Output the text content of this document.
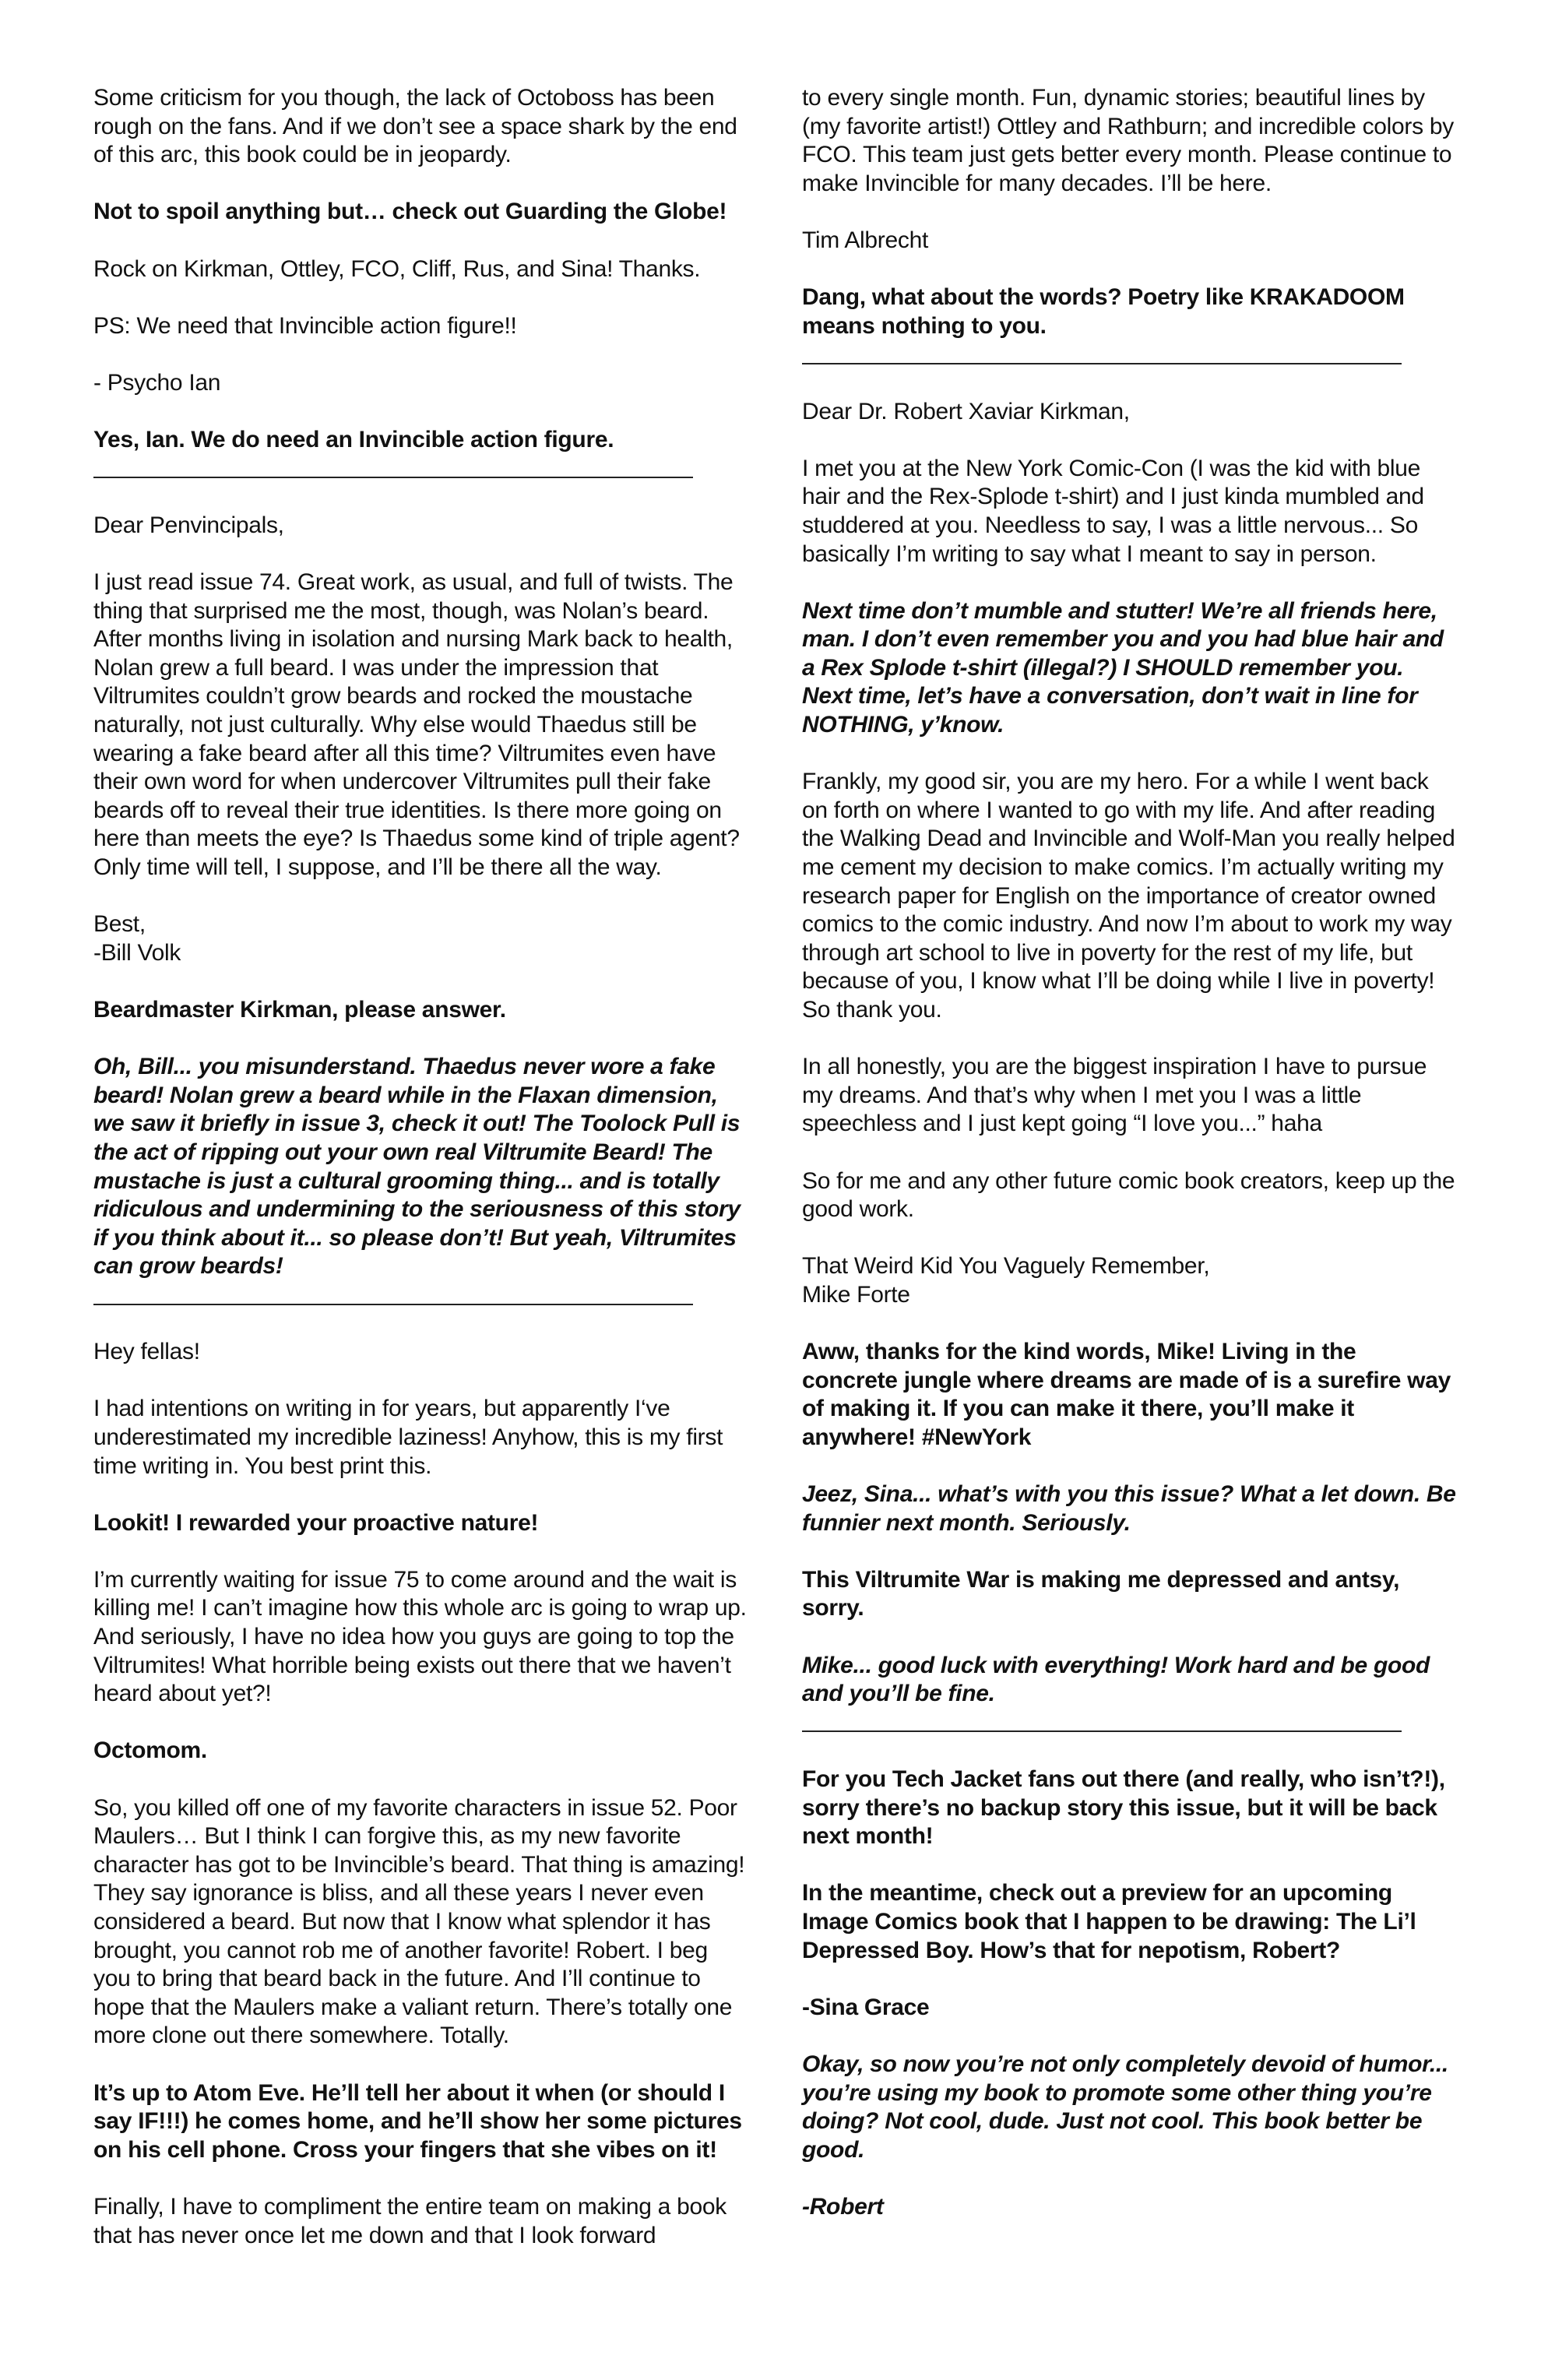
Some criticism for you though, the lack of Octoboss has been rough on the fans. And if we don’t see a space shark by the end of this arc, this book could be in jeopardy.
Not to spoil anything but… check out Guarding the Globe!
Rock on Kirkman, Ottley, FCO, Cliff, Rus, and Sina! Thanks.
PS: We need that Invincible action figure!!
- Psycho Ian
Yes, Ian. We do need an Invincible action figure.
Dear Penvincipals,
I just read issue 74. Great work, as usual, and full of twists. The thing that surprised me the most, though, was Nolan’s beard. After months living in isolation and nursing Mark back to health, Nolan grew a full beard. I was under the impression that Viltrumites couldn’t grow beards and rocked the moustache naturally, not just culturally. Why else would Thaedus still be wearing a fake beard after all this time? Viltrumites even have their own word for when undercover Viltrumites pull their fake beards off to reveal their true identities. Is there more going on here than meets the eye? Is Thaedus some kind of triple agent? Only time will tell, I suppose, and I’ll be there all the way.
Best,
-Bill Volk
Beardmaster Kirkman, please answer.
Oh, Bill... you misunderstand. Thaedus never wore a fake beard! Nolan grew a beard while in the Flaxan dimension, we saw it briefly in issue 3, check it out! The Toolock Pull is the act of ripping out your own real Viltrumite Beard! The mustache is just a cultural grooming thing... and is totally ridiculous and undermining to the seriousness of this story if you think about it... so please don’t! But yeah, Viltrumites can grow beards!
Hey fellas!
I had intentions on writing in for years, but apparently I‘ve underestimated my incredible laziness! Anyhow, this is my first time writing in. You best print this.
Lookit! I rewarded your proactive nature!
I’m currently waiting for issue 75 to come around and the wait is killing me! I can’t imagine how this whole arc is going to wrap up. And seriously, I have no idea how you guys are going to top the Viltrumites! What horrible being exists out there that we haven’t heard about yet?!
Octomom.
So, you killed off one of my favorite characters in issue 52. Poor Maulers… But I think I can forgive this, as my new favorite character has got to be Invincible’s beard. That thing is amazing! They say ignorance is bliss, and all these years I never even considered a beard. But now that I know what splendor it has brought, you cannot rob me of another favorite! Robert. I beg you to bring that beard back in the future. And I’ll continue to hope that the Maulers make a valiant return. There’s totally one more clone out there somewhere. Totally.
It’s up to Atom Eve. He’ll tell her about it when (or should I say IF!!!) he comes home, and he’ll show her some pictures on his cell phone. Cross your fingers that she vibes on it!
Finally, I have to compliment the entire team on making a book that has never once let me down and that I look forward
to every single month. Fun, dynamic stories; beautiful lines by (my favorite artist!) Ottley and Rathburn; and incredible colors by FCO. This team just gets better every month. Please continue to make Invincible for many decades. I’ll be here.
Tim Albrecht
Dang, what about the words? Poetry like KRAKADOOM means nothing to you.
Dear Dr. Robert Xaviar Kirkman,
I met you at the New York Comic-Con (I was the kid with blue hair and the Rex-Splode t-shirt) and I just kinda mumbled and studdered at you. Needless to say, I was a little nervous... So basically I’m writing to say what I meant to say in person.
Next time don’t mumble and stutter! We’re all friends here, man. I don’t even remember you and you had blue hair and a Rex Splode t-shirt (illegal?) I SHOULD remember you. Next time, let’s have a conversation, don’t wait in line for NOTHING, y’know.
Frankly, my good sir, you are my hero. For a while I went back on forth on where I wanted to go with my life. And after reading the Walking Dead and Invincible and Wolf-Man you really helped me cement my decision to make comics. I’m actually writing my research paper for English on the importance of creator owned comics to the comic industry. And now I’m about to work my way through art school to live in poverty for the rest of my life, but because of you, I know what I’ll be doing while I live in poverty! So thank you.
In all honestly, you are the biggest inspiration I have to pursue my dreams. And that’s why when I met you I was a little speechless and I just kept going “I love you...” haha
So for me and any other future comic book creators, keep up the good work.
That Weird Kid You Vaguely Remember,
Mike Forte
Aww, thanks for the kind words, Mike! Living in the concrete jungle where dreams are made of is a surefire way of making it. If you can make it there, you’ll make it anywhere! #NewYork
Jeez, Sina... what’s with you this issue? What a let down. Be funnier next month. Seriously.
This Viltrumite War is making me depressed and antsy, sorry.
Mike... good luck with everything! Work hard and be good and you’ll be fine.
For you Tech Jacket fans out there (and really, who isn’t?!), sorry there’s no backup story this issue, but it will be back next month!
In the meantime, check out a preview for an upcoming Image Comics book that I happen to be drawing: The Li’l Depressed Boy. How’s that for nepotism, Robert?
-Sina Grace
Okay, so now you’re not only completely devoid of humor... you’re using my book to promote some other thing you’re doing? Not cool, dude. Just not cool. This book better be good.
-Robert
